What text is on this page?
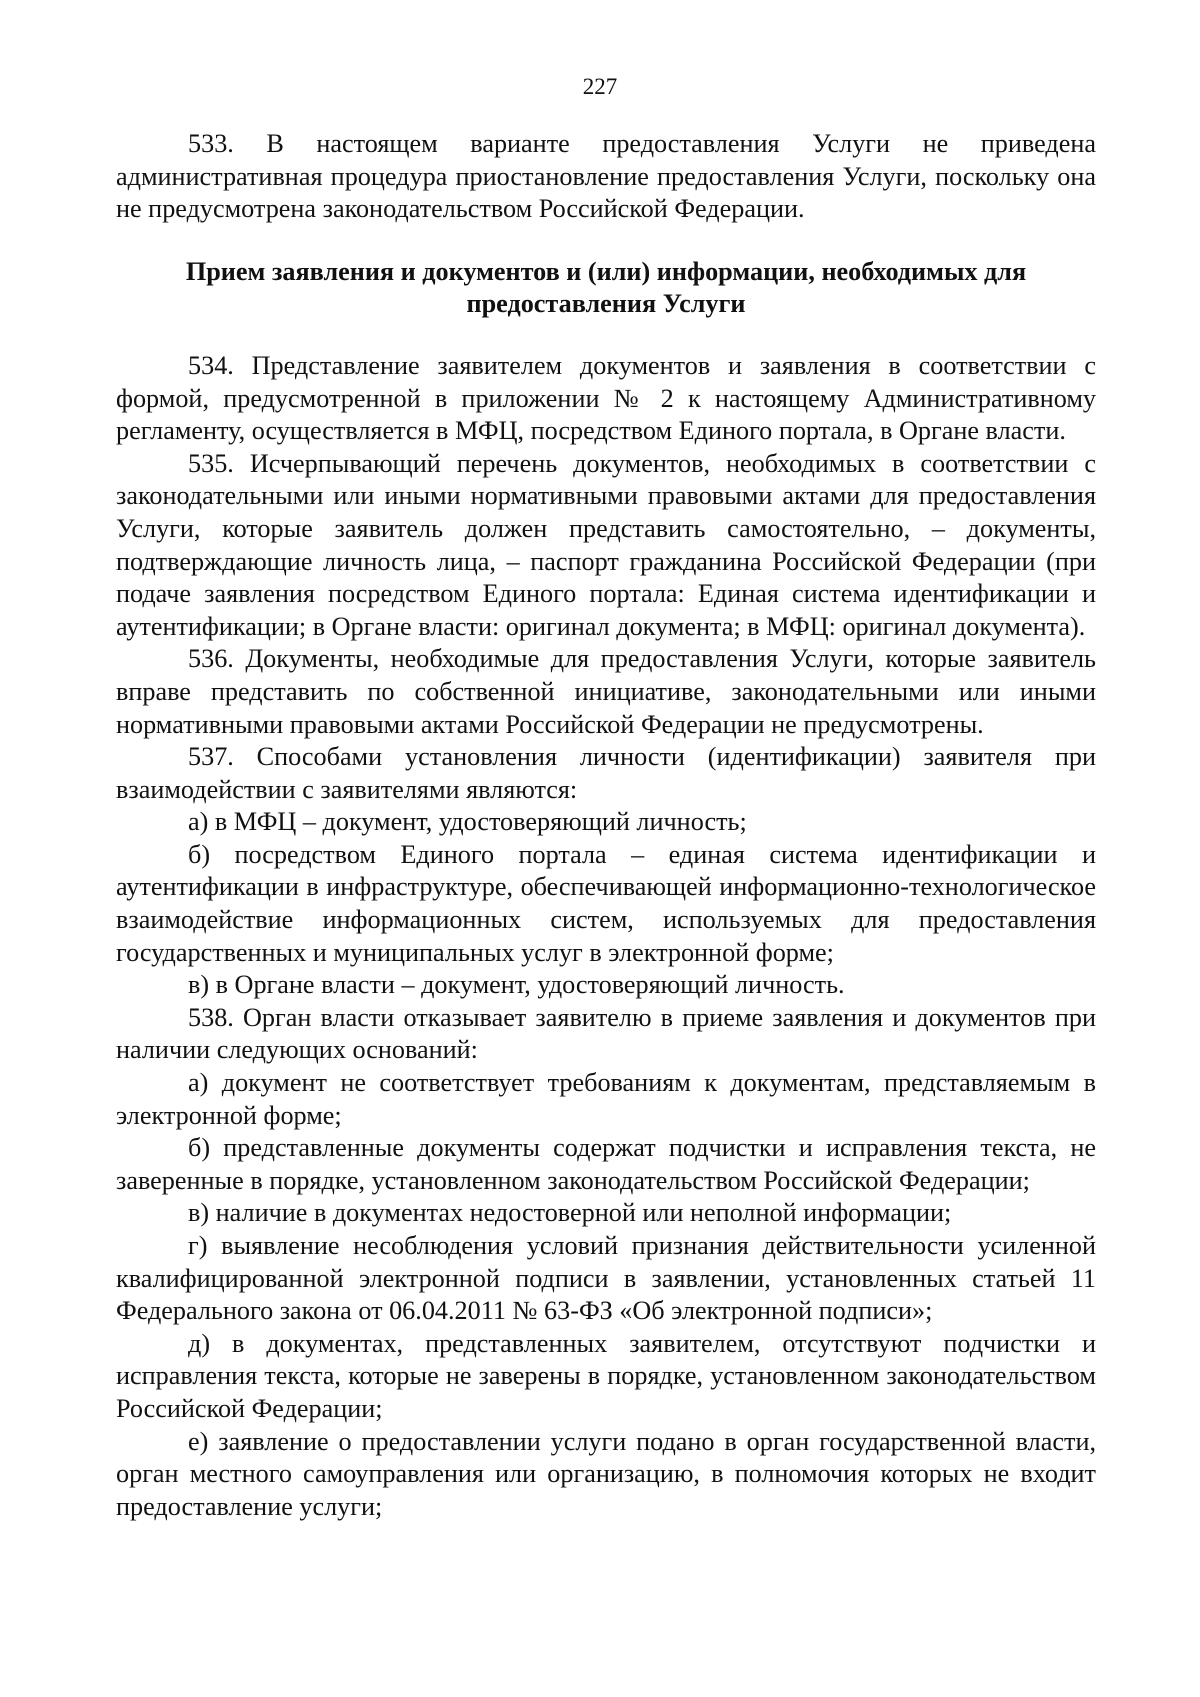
227

533. В настоящем варианте предоставления Услуги не приведена административная процедура приостановление предоставления Услуги, поскольку она не предусмотрена законодательством Российской Федерации.

Прием заявления и документов и (или) информации, необходимых для предоставления Услуги

534. Представление заявителем документов и заявления в соответствии с формой, предусмотренной в приложении № 2 к настоящему Административному регламенту, осуществляется в МФЦ, посредством Единого портала, в Органе власти.

535. Исчерпывающий перечень документов, необходимых в соответствии с законодательными или иными нормативными правовыми актами для предоставления Услуги, которые заявитель должен представить самостоятельно, – документы, подтверждающие личность лица, – паспорт гражданина Российской Федерации (при подаче заявления посредством Единого портала: Единая система идентификации и аутентификации; в Органе власти: оригинал документа; в МФЦ: оригинал документа).

536. Документы, необходимые для предоставления Услуги, которые заявитель вправе представить по собственной инициативе, законодательными или иными нормативными правовыми актами Российской Федерации не предусмотрены.

537. Способами установления личности (идентификации) заявителя при взаимодействии с заявителями являются:

а) в МФЦ – документ, удостоверяющий личность;

б) посредством Единого портала – единая система идентификации и аутентификации в инфраструктуре, обеспечивающей информационно-технологическое взаимодействие информационных систем, используемых для предоставления государственных и муниципальных услуг в электронной форме;

в) в Органе власти – документ, удостоверяющий личность.

538. Орган власти отказывает заявителю в приеме заявления и документов при наличии следующих оснований:

а) документ не соответствует требованиям к документам, представляемым в электронной форме;

б) представленные документы содержат подчистки и исправления текста, не заверенные в порядке, установленном законодательством Российской Федерации;

в) наличие в документах недостоверной или неполной информации;

г) выявление несоблюдения условий признания действительности усиленной квалифицированной электронной подписи в заявлении, установленных статьей 11 Федерального закона от 06.04.2011 № 63-ФЗ «Об электронной подписи»;

д) в документах, представленных заявителем, отсутствуют подчистки и исправления текста, которые не заверены в порядке, установленном законодательством Российской Федерации;

е) заявление о предоставлении услуги подано в орган государственной власти, орган местного самоуправления или организацию, в полномочия которых не входит предоставление услуги;
